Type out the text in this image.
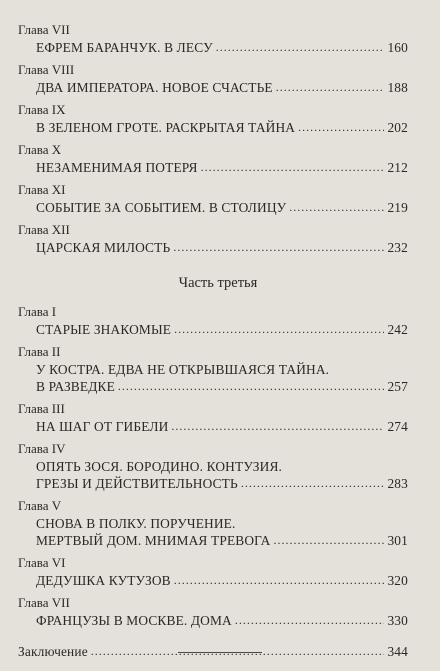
Глава VII
ЕФРЕМ БАРАНЧУК. В ЛЕСУ . . .	160
Глава VIII
ДВА ИМПЕРАТОРА. НОВОЕ СЧАСТЬЕ . . .	188
Глава IX
В ЗЕЛЕНОМ ГРОТЕ. РАСКРЫТАЯ ТАЙНА . . .	202
Глава X
НЕЗАМЕНИМАЯ ПОТЕРЯ . . .	212
Глава XI
СОБЫТИЕ ЗА СОБЫТИЕМ. В СТОЛИЦУ . . .	219
Глава XII
ЦАРСКАЯ МИЛОСТЬ . . .	232
Часть третья
Глава I
СТАРЫЕ ЗНАКОМЫЕ . . .	242
Глава II
У КОСТРА. ЕДВА НЕ ОТКРЫВШАЯСЯ ТАЙНА.
В РАЗВЕДКЕ . . .	257
Глава III
НА ШАГ ОТ ГИБЕЛИ . . .	274
Глава IV
ОПЯТЬ ЗОСЯ. БОРОДИНО. КОНТУЗИЯ.
ГРЕЗЫ И ДЕЙСТВИТЕЛЬНОСТЬ . . .	283
Глава V
СНОВА В ПОЛКУ. ПОРУЧЕНИЕ.
МЕРТВЫЙ ДОМ. МНИМАЯ ТРЕВОГА . . .	301
Глава VI
ДЕДУШКА КУТУЗОВ . . .	320
Глава VII
ФРАНЦУЗЫ В МОСКВЕ. ДОМА . . .	330
Заключение . . .	344
